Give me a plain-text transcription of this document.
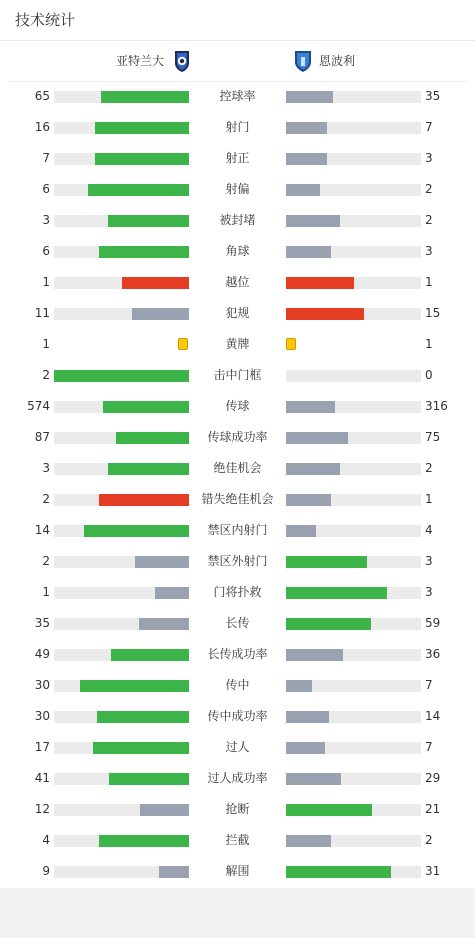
技术统计
亚特兰大	恩波利
65	控球率	35
16	射门	7
7	射正	3
6	射偏	2
3	被封堵	2
6	角球	3
1	越位	1
11	犯规	15
1	黄牌	1
2	击中门框	0
574	传球	316
87	传球成功率	75
3	绝佳机会	2
2	错失绝佳机会	1
14	禁区内射门	4
2	禁区外射门	3
1	门将扑救	3
35	长传	59
49	长传成功率	36
30	传中	7
30	传中成功率	14
17	过人	7
41	过人成功率	29
12	抢断	21
4	拦截	2
9	解围	31
